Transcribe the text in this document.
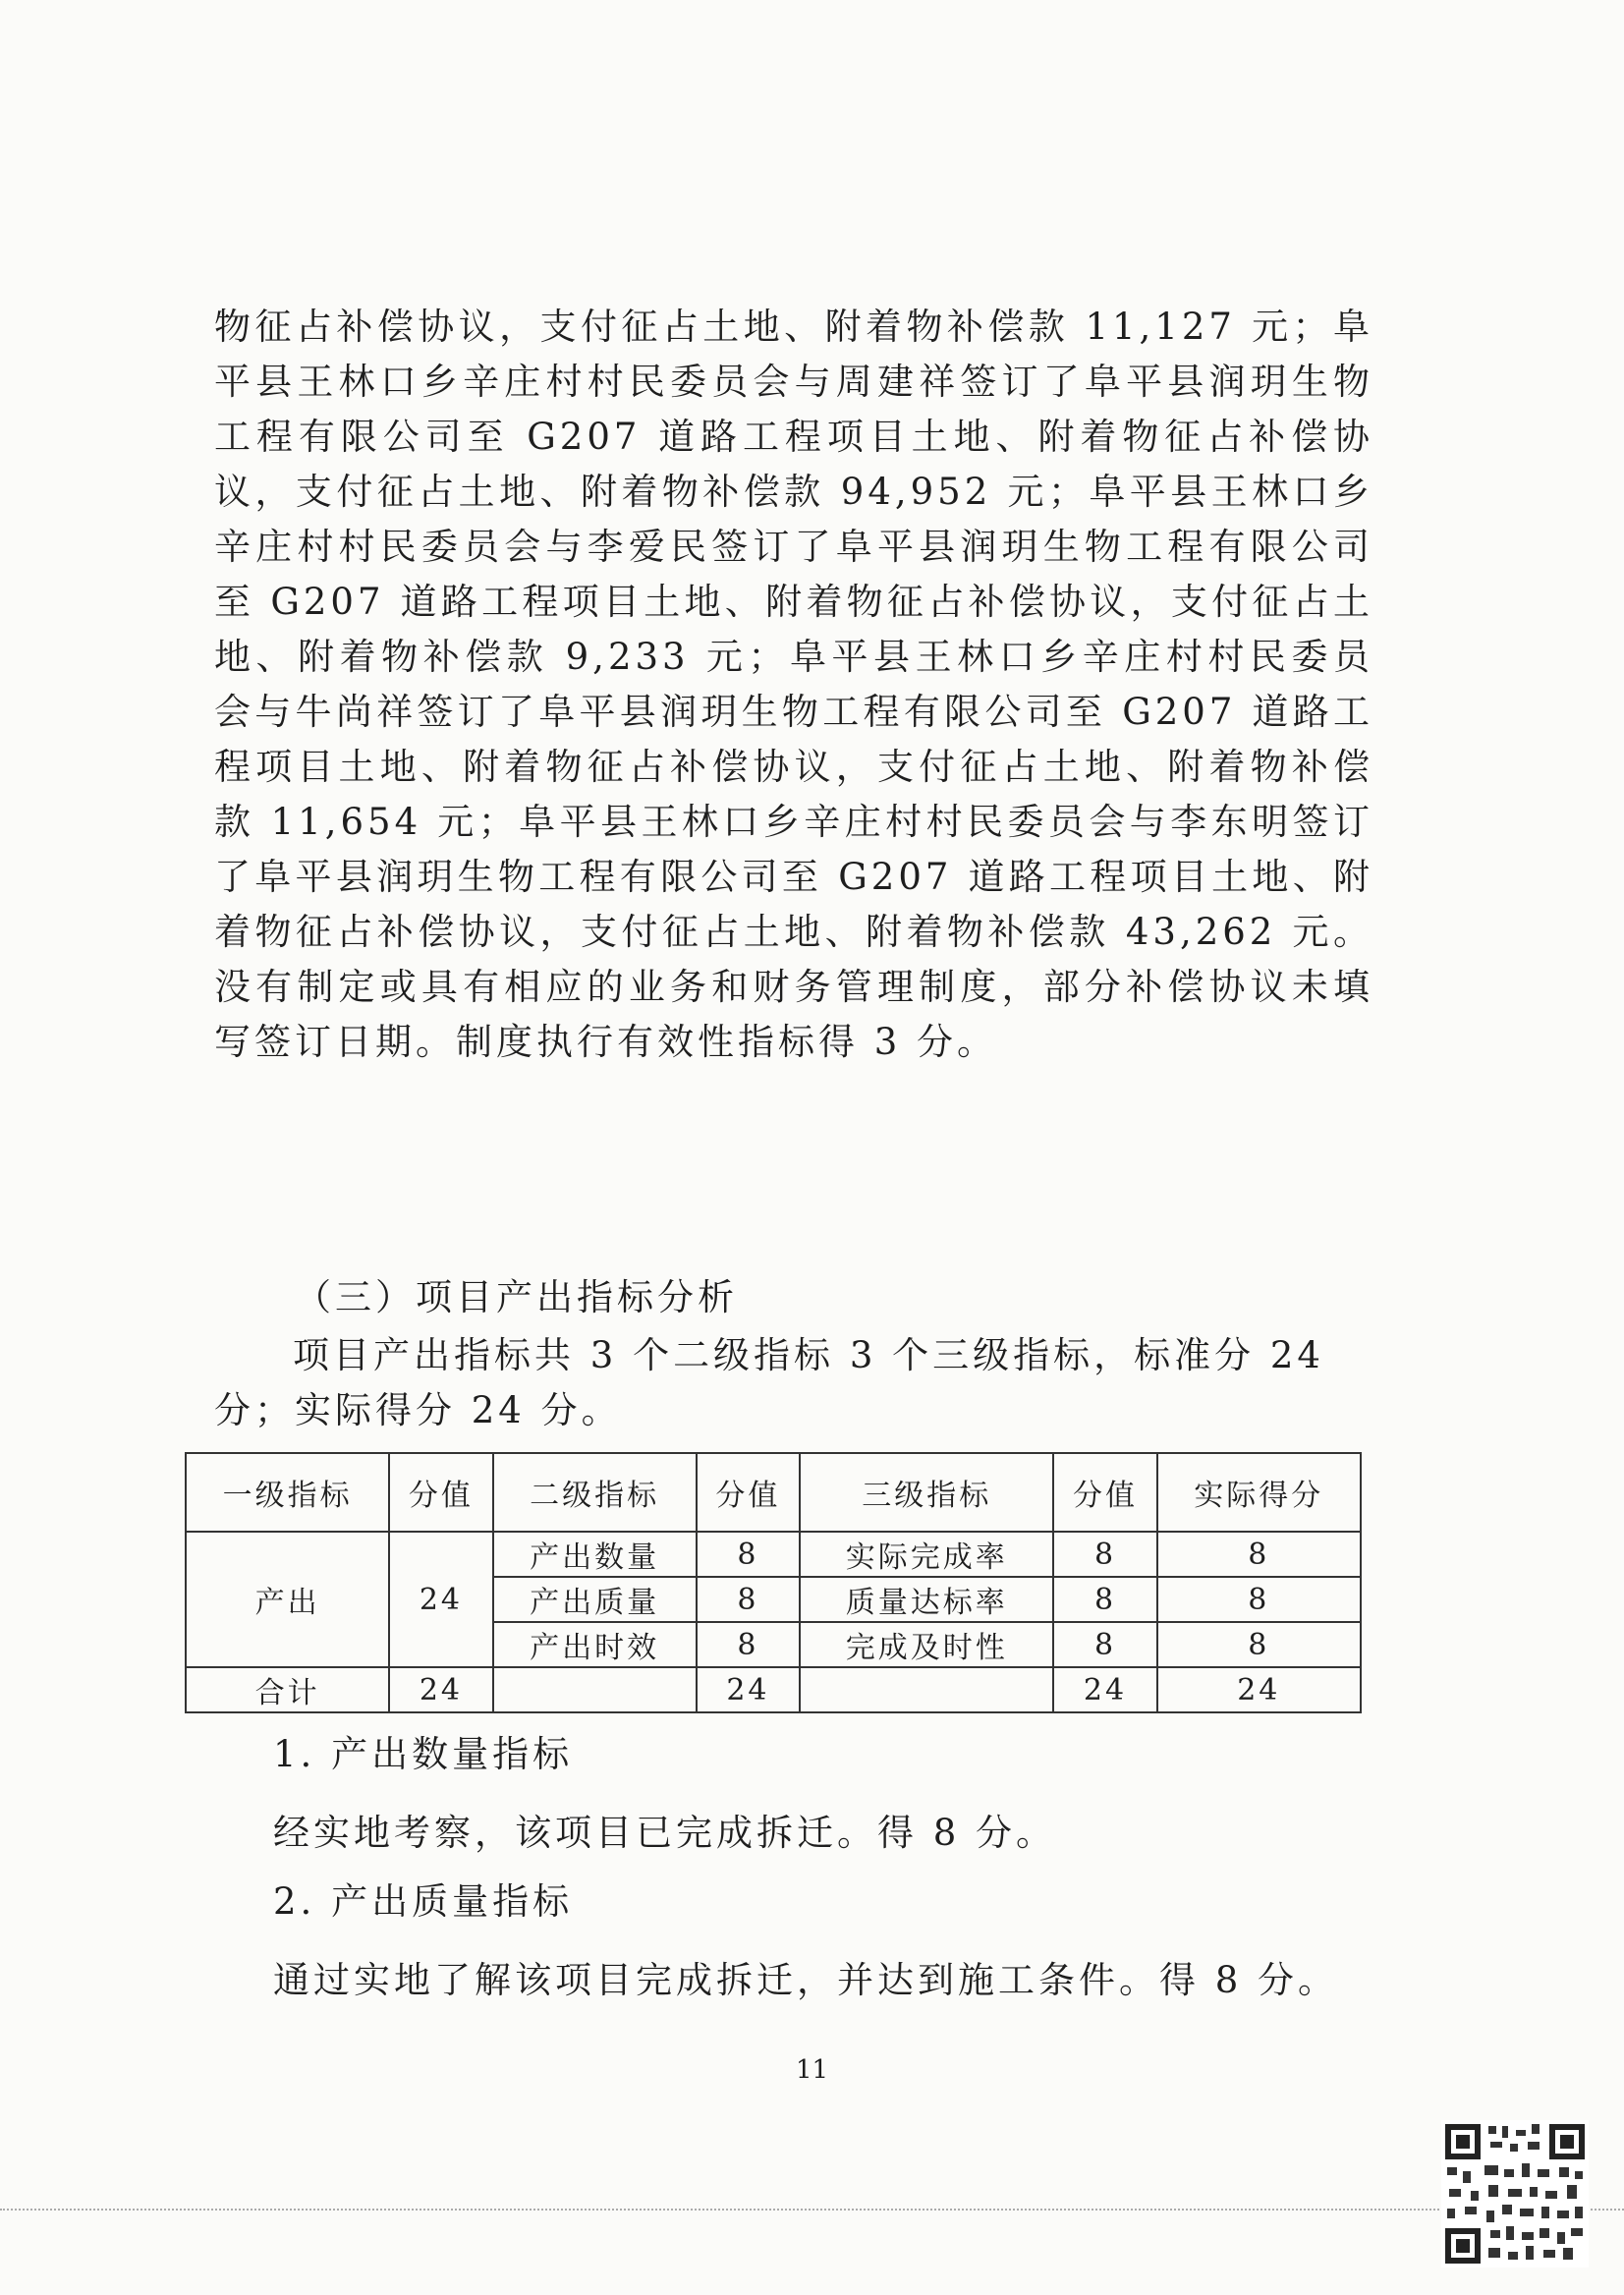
物征占补偿协议，支付征占土地、附着物补偿款 11,127 元；阜平县王林口乡辛庄村村民委员会与周建祥签订了阜平县润玥生物工程有限公司至 G207 道路工程项目土地、附着物征占补偿协议，支付征占土地、附着物补偿款 94,952 元；阜平县王林口乡辛庄村村民委员会与李爱民签订了阜平县润玥生物工程有限公司至 G207 道路工程项目土地、附着物征占补偿协议，支付征占土地、附着物补偿款 9,233 元；阜平县王林口乡辛庄村村民委员会与牛尚祥签订了阜平县润玥生物工程有限公司至 G207 道路工程项目土地、附着物征占补偿协议，支付征占土地、附着物补偿款 11,654 元；阜平县王林口乡辛庄村村民委员会与李东明签订了阜平县润玥生物工程有限公司至 G207 道路工程项目土地、附着物征占补偿协议，支付征占土地、附着物补偿款 43,262 元。没有制定或具有相应的业务和财务管理制度，部分补偿协议未填写签订日期。制度执行有效性指标得 3 分。

（三）项目产出指标分析

项目产出指标共 3 个二级指标 3 个三级指标，标准分 24 分；实际得分 24 分。

一级指标	分值	二级指标	分值	三级指标	分值	实际得分
产出	24	产出数量	8	实际完成率	8	8
		产出质量	8	质量达标率	8	8
		产出时效	8	完成及时性	8	8
合计	24		24		24	24

1. 产出数量指标

经实地考察，该项目已完成拆迁。得 8 分。

2. 产出质量指标

通过实地了解该项目完成拆迁，并达到施工条件。得 8 分。

11
